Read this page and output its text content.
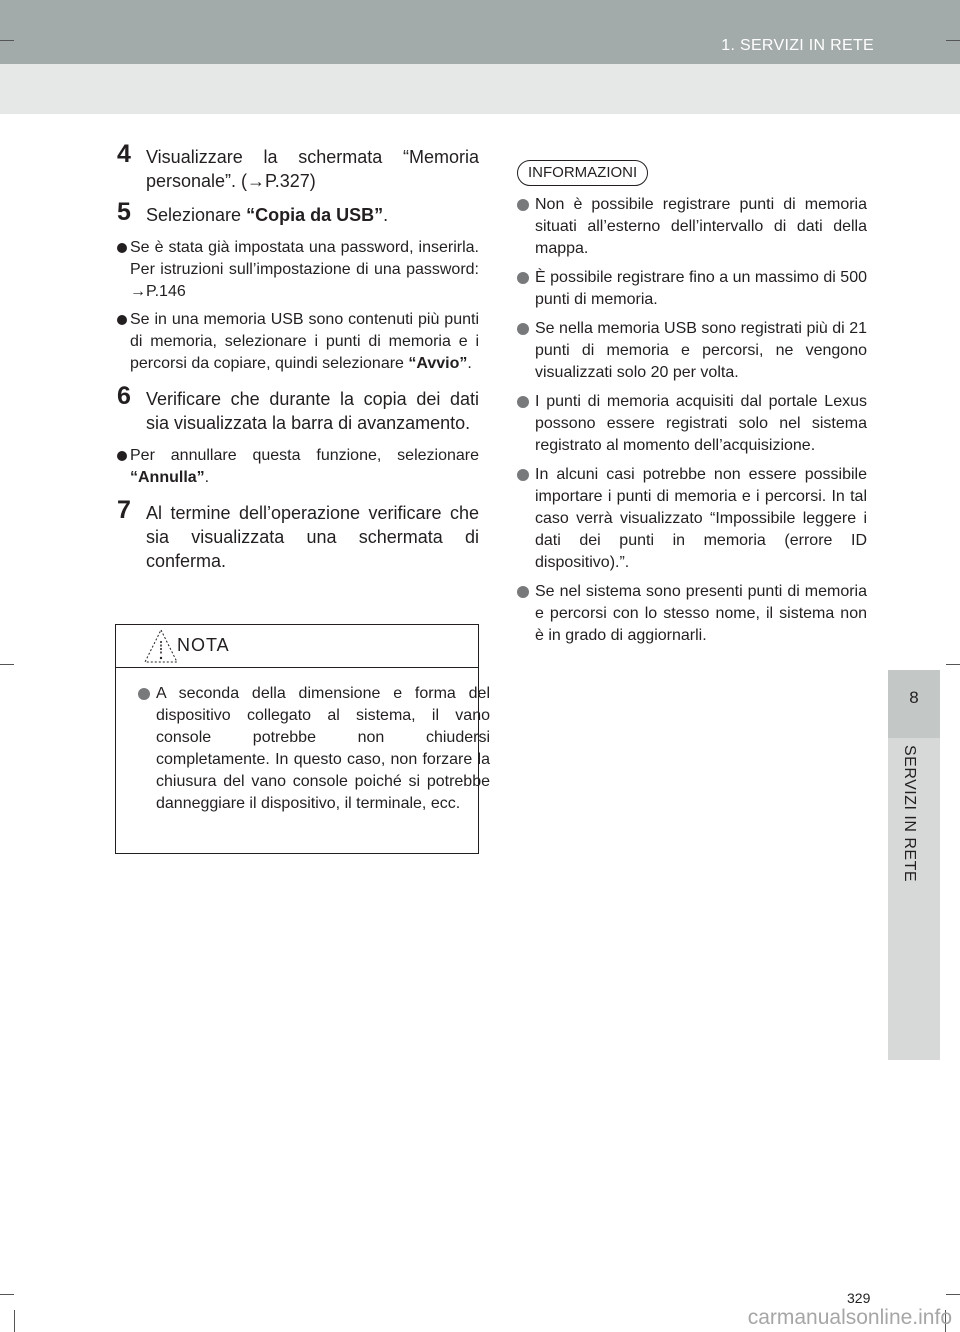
1. SERVIZI IN RETE
8
SERVIZI IN RETE
4 Visualizzare la schermata “Memoria personale”. (→P.327)
5 Selezionare “Copia da USB”.
Se è stata già impostata una password, inserirla. Per istruzioni sull’impostazione di una password: →P.146
Se in una memoria USB sono contenuti più punti di memoria, selezionare i punti di memoria e i percorsi da copiare, quindi selezionare “Avvio”.
6 Verificare che durante la copia dei dati sia visualizzata la barra di avanzamento.
Per annullare questa funzione, selezionare “Annulla”.
7 Al termine dell’operazione verificare che sia visualizzata una schermata di conferma.
NOTA
A seconda della dimensione e forma del dispositivo collegato al sistema, il vano console potrebbe non chiudersi completamente. In questo caso, non forzare la chiusura del vano console poiché si potrebbe danneggiare il dispositivo, il terminale, ecc.
INFORMAZIONI
Non è possibile registrare punti di memoria situati all’esterno dell’intervallo di dati della mappa.
È possibile registrare fino a un massimo di 500 punti di memoria.
Se nella memoria USB sono registrati più di 21 punti di memoria e percorsi, ne vengono visualizzati solo 20 per volta.
I punti di memoria acquisiti dal portale Lexus possono essere registrati solo nel sistema registrato al momento dell’acquisizione.
In alcuni casi potrebbe non essere possibile importare i punti di memoria e i percorsi. In tal caso verrà visualizzato “Impossibile leggere i dati dei punti in memoria (errore ID dispositivo).”.
Se nel sistema sono presenti punti di memoria e percorsi con lo stesso nome, il sistema non è in grado di aggiornarli.
329
carmanualsonline.info
